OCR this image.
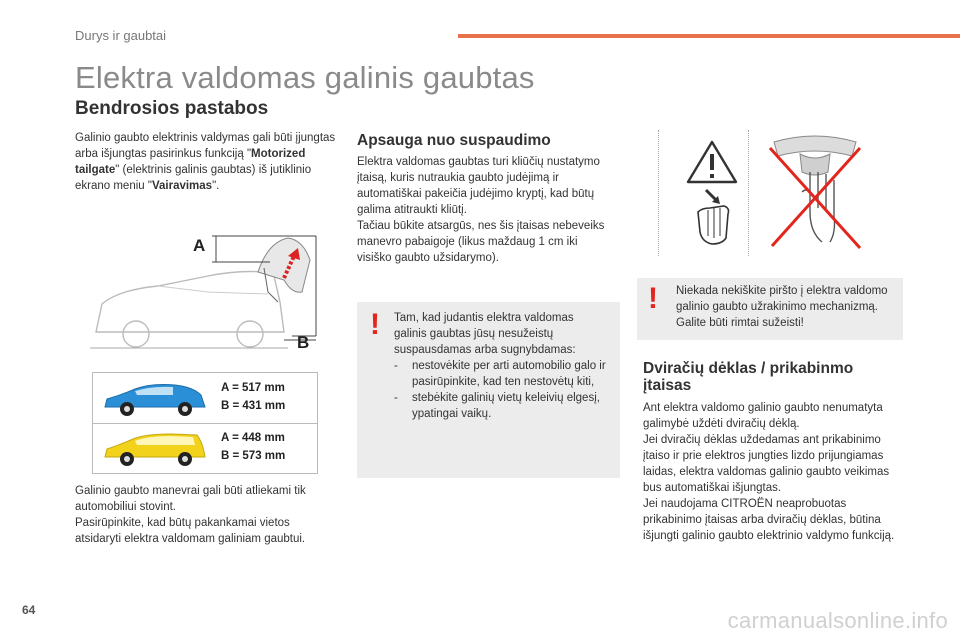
Durys ir gaubtai
Elektra valdomas galinis gaubtas
Bendrosios pastabos
Galinio gaubto elektrinis valdymas gali būti įjungtas arba išjungtas pasirinkus funkciją "Motorized tailgate" (elektrinis galinis gaubtas) iš jutiklinio ekrano meniu "Vairavimas".
A
B
A = 517 mm
B = 431 mm
A = 448 mm
B = 573 mm
Galinio gaubto manevrai gali būti atliekami tik automobiliui stovint.
Pasirūpinkite, kad būtų pakankamai vietos atsidaryti elektra valdomam galiniam gaubtui.
Apsauga nuo suspaudimo
Elektra valdomas gaubtas turi kliūčių nustatymo įtaisą, kuris nutraukia gaubto judėjimą ir automatiškai pakeičia judėjimo kryptį, kad būtų galima atitraukti kliūtį.
Tačiau būkite atsargūs, nes šis įtaisas nebeveiks manevro pabaigoje (likus maždaug 1 cm iki visiško gaubto užsidarymo).
! Tam, kad judantis elektra valdomas galinis gaubtas jūsų nesužeistų suspausdamas arba sugnybdamas:
- nestovėkite per arti automobilio galo ir pasirūpinkite, kad ten nestovėtų kiti,
- stebėkite galinių vietų keleivių elgesį, ypatingai vaikų.
! Niekada nekiškite piršto į elektra valdomo galinio gaubto užrakinimo mechanizmą. Galite būti rimtai sužeisti!
Dviračių dėklas / prikabinmo įtaisas
Ant elektra valdomo galinio gaubto nenumatyta galimybė uždėti dviračių dėklą.
Jei dviračių dėklas uždedamas ant prikabinimo įtaiso ir prie elektros jungties lizdo prijungiamas laidas, elektra valdomas galinio gaubto veikimas bus automatiškai išjungtas.
Jei naudojama CITROËN neaprobuotas prikabinimo įtaisas arba dviračių dėklas, būtina išjungti galinio gaubto elektrinio valdymo funkciją.
64	carmanualsonline.info
